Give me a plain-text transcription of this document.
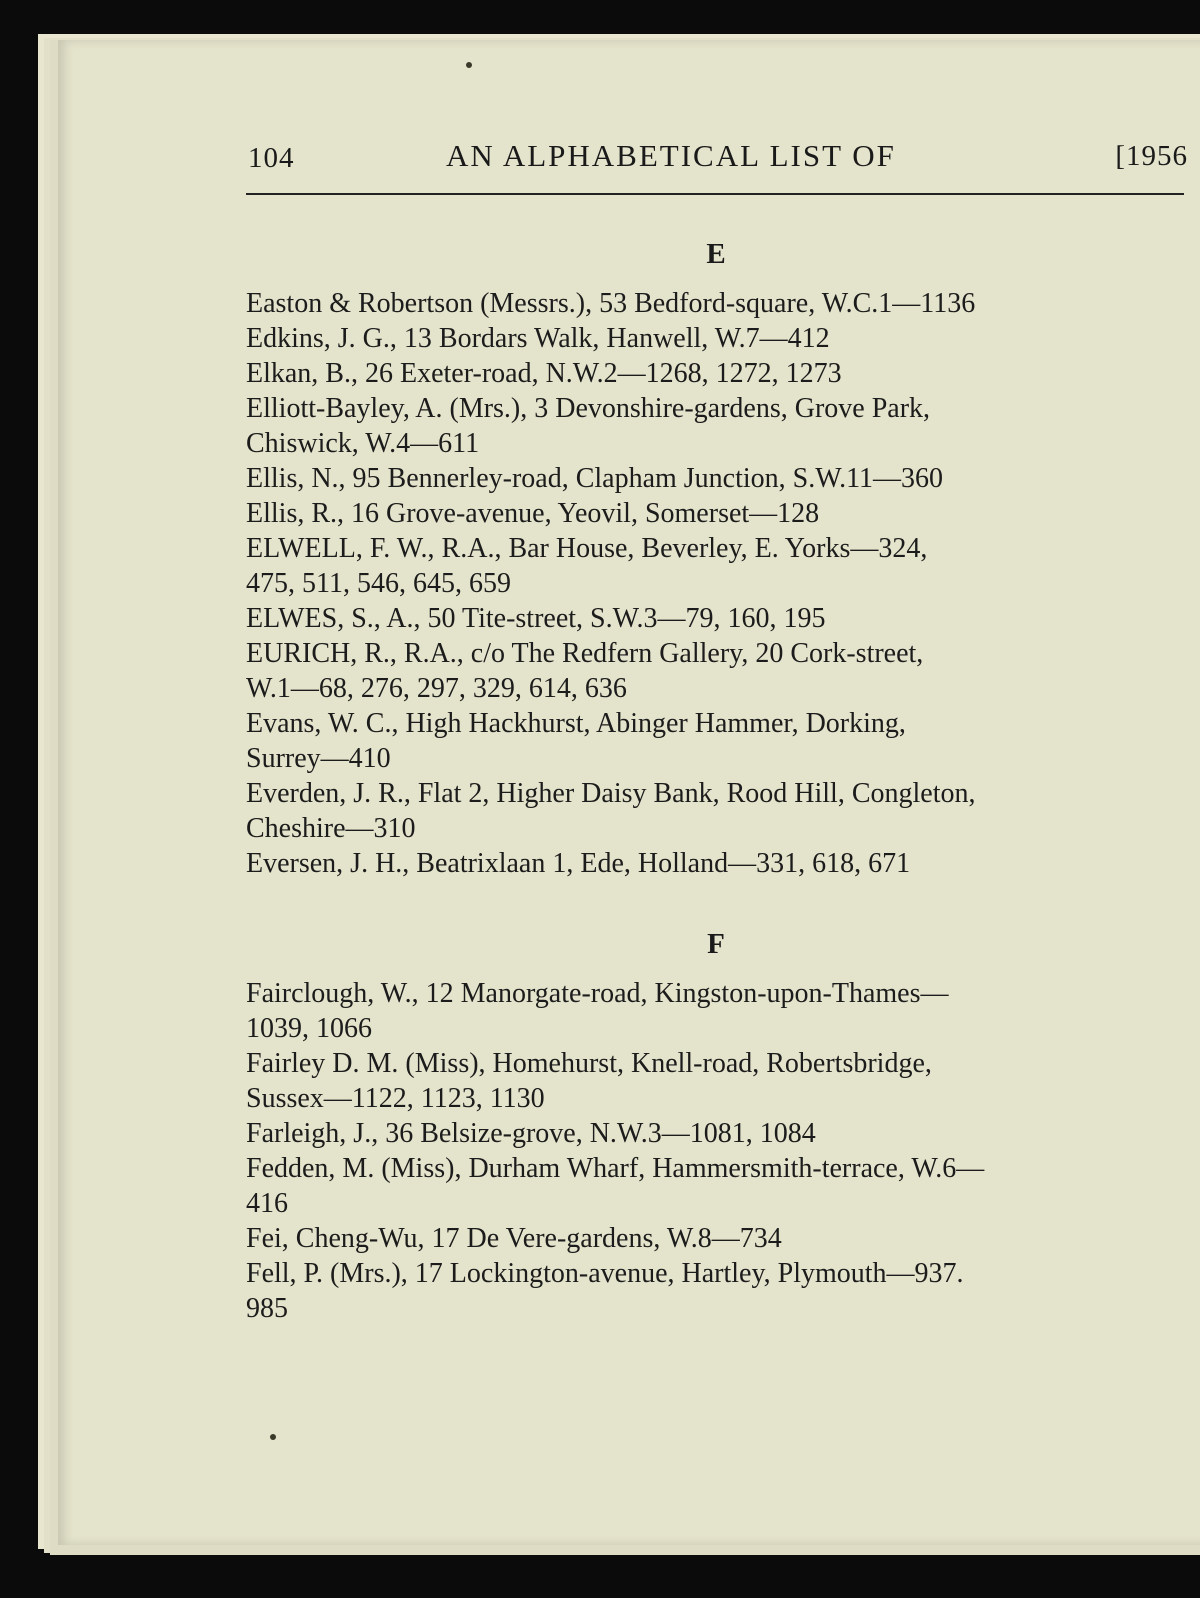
104	AN ALPHABETICAL LIST OF	[1956
E
Easton & Robertson (Messrs.), 53 Bedford-square, W.C.1—1136
Edkins, J. G., 13 Bordars Walk, Hanwell, W.7—412
Elkan, B., 26 Exeter-road, N.W.2—1268, 1272, 1273
Elliott-Bayley, A. (Mrs.), 3 Devonshire-gardens, Grove Park,
Chiswick, W.4—611
Ellis, N., 95 Bennerley-road, Clapham Junction, S.W.11—360
Ellis, R., 16 Grove-avenue, Yeovil, Somerset—128
ELWELL, F. W., R.A., Bar House, Beverley, E. Yorks—324,
475, 511, 546, 645, 659
ELWES, S., A., 50 Tite-street, S.W.3—79, 160, 195
EURICH, R., R.A., c/o The Redfern Gallery, 20 Cork-street,
W.1—68, 276, 297, 329, 614, 636
Evans, W. C., High Hackhurst, Abinger Hammer, Dorking,
Surrey—410
Everden, J. R., Flat 2, Higher Daisy Bank, Rood Hill, Congleton,
Cheshire—310
Eversen, J. H., Beatrixlaan 1, Ede, Holland—331, 618, 671
F
Fairclough, W., 12 Manorgate-road, Kingston-upon-Thames—
1039, 1066
Fairley D. M. (Miss), Homehurst, Knell-road, Robertsbridge,
Sussex—1122, 1123, 1130
Farleigh, J., 36 Belsize-grove, N.W.3—1081, 1084
Fedden, M. (Miss), Durham Wharf, Hammersmith-terrace, W.6—
416
Fei, Cheng-Wu, 17 De Vere-gardens, W.8—734
Fell, P. (Mrs.), 17 Lockington-avenue, Hartley, Plymouth—937.
985
